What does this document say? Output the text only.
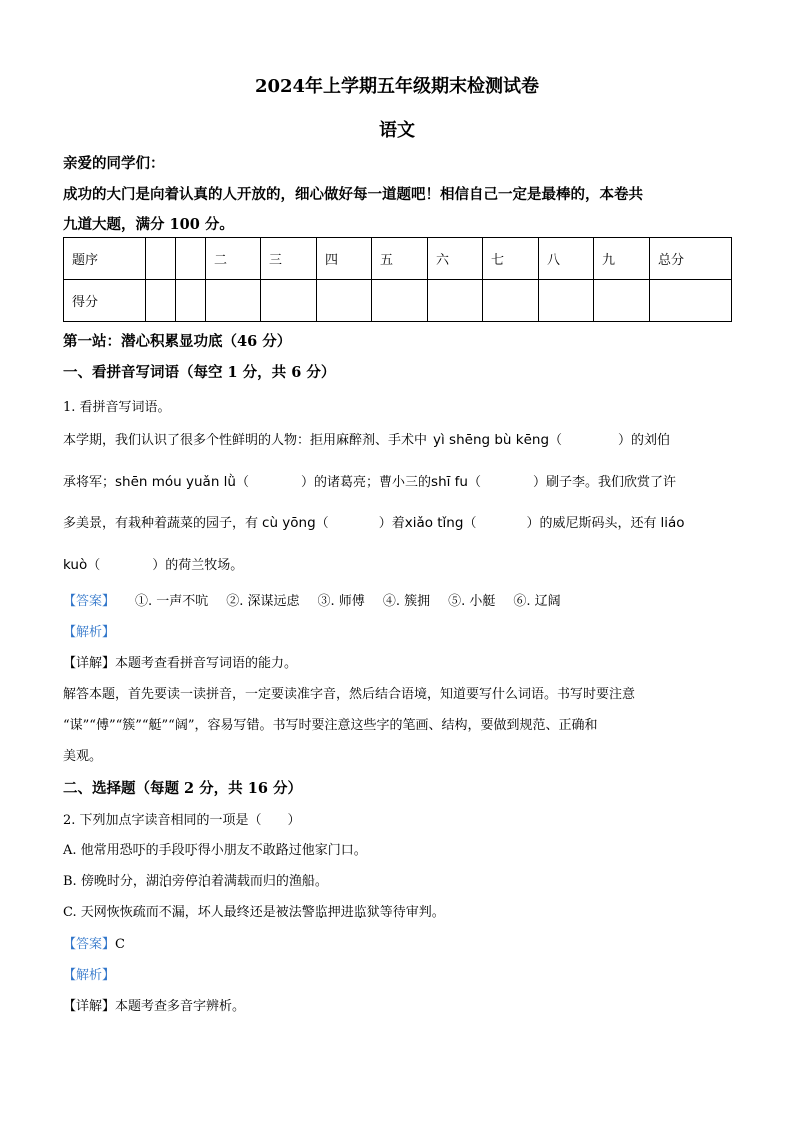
2024年上学期五年级期末检测试卷
语文
亲爱的同学们：
成功的大门是向着认真的人开放的，细心做好每一道题吧！相信自己一定是最棒的，本卷共
九道大题，满分 100 分。
题序			二	三	四	五	六	七	八	九	总分
得分											
第一站：潜心积累显功底（46 分）
一、看拼音写词语（每空 1 分，共 6 分）
1. 看拼音写词语。
本学期，我们认识了很多个性鲜明的人物：拒用麻醉剂、手术中 yì shēng bù kēng（	）的刘伯
承将军；shēn móu yuǎn lǜ（	）的诸葛亮；曹小三的shī fu（	）刷子李。我们欣赏了许
多美景，有栽种着蔬菜的园子，有 cù yōng（	）着xiǎo tǐng（	）的威尼斯码头，还有 liáo
kuò（	）的荷兰牧场。
【答案】 ①. 一声不吭 ②. 深谋远虑 ③. 师傅 ④. 簇拥 ⑤. 小艇 ⑥. 辽阔
【解析】
【详解】本题考查看拼音写词语的能力。
解答本题，首先要读一读拼音，一定要读准字音，然后结合语境，知道要写什么词语。书写时要注意
“谋”“傅”“簇”“艇”“阔”，容易写错。书写时要注意这些字的笔画、结构，要做到规范、正确和
美观。
二、选择题（每题 2 分，共 16 分）
2. 下列加点字读音相同的一项是（　　）
A. 他常用恐吓的手段吓得小朋友不敢路过他家门口。
B. 傍晚时分，湖泊旁停泊着满载而归的渔船。
C. 天网恢恢疏而不漏，坏人最终还是被法警监押进监狱等待审判。
【答案】C
【解析】
【详解】本题考查多音字辨析。
